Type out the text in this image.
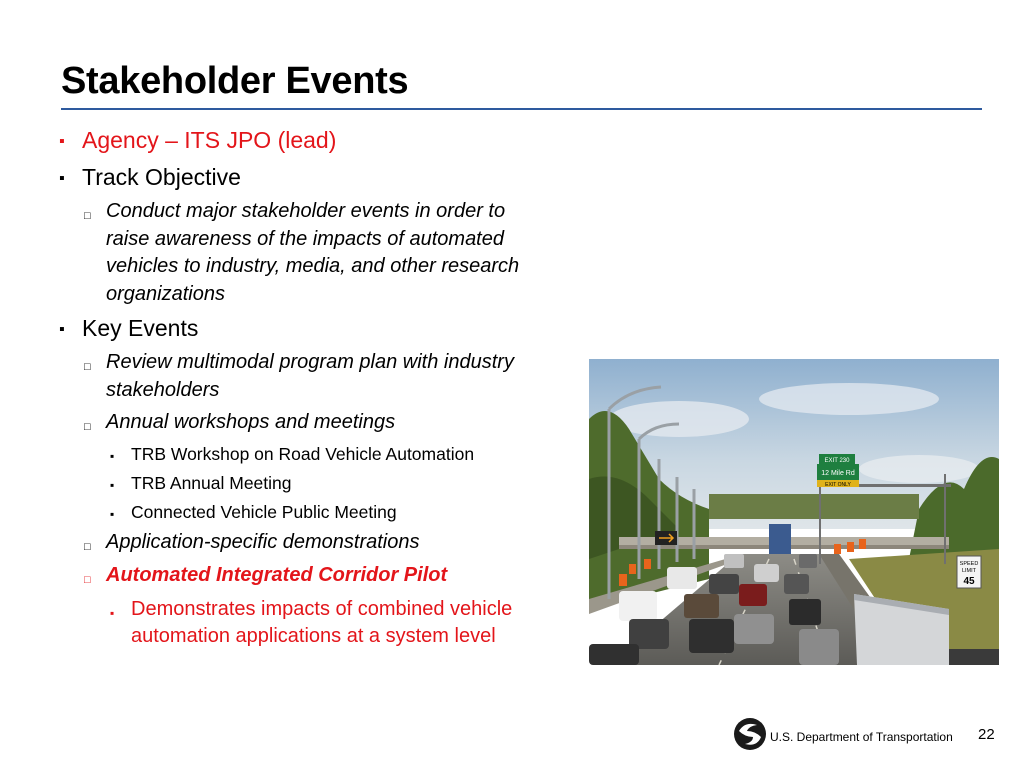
Stakeholder Events
▪ Agency – ITS JPO (lead)
▪ Track Objective
□ Conduct major stakeholder events in order to
raise awareness of the impacts of automated
vehicles to industry, media, and other research
organizations
▪ Key Events
□ Review multimodal program plan with industry
stakeholders
□ Annual workshops and meetings
▪ TRB Workshop on Road Vehicle Automation
▪ TRB Annual Meeting
▪ Connected Vehicle Public Meeting
□ Application-specific demonstrations
□ Automated Integrated Corridor Pilot
▪ Demonstrates impacts of combined vehicle
automation applications at a system level
EXIT 230
12 Mile Rd
EXIT ONLY
SPEED
LIMIT
45
U.S. Department of Transportation 22
